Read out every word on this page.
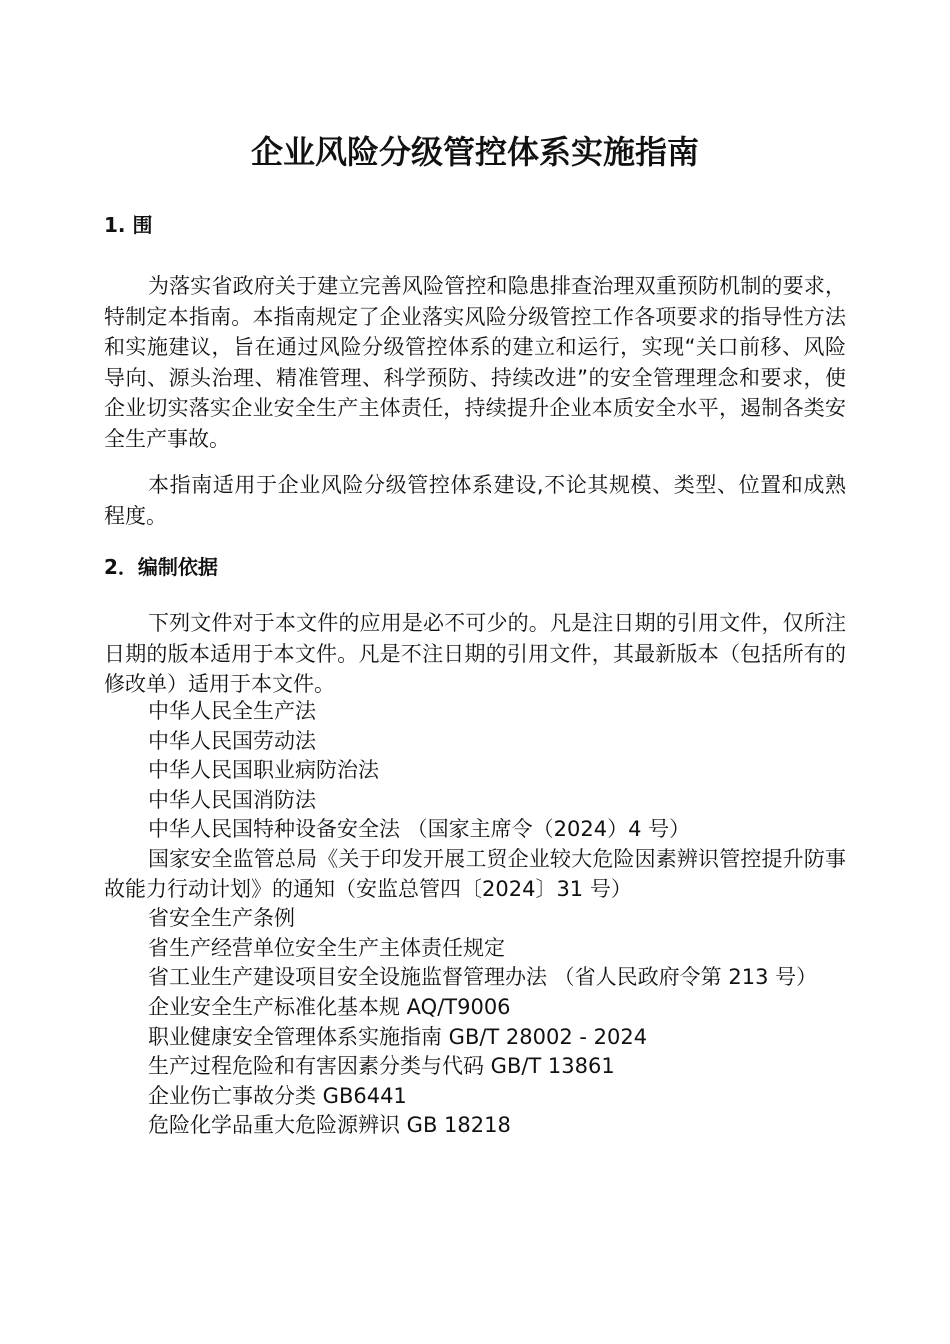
企业风险分级管控体系实施指南
1. 围

为落实省政府关于建立完善风险管控和隐患排查治理双重预防机制的要求，特制定本指南。本指南规定了企业落实风险分级管控工作各项要求的指导性方法和实施建议，旨在通过风险分级管控体系的建立和运行，实现“关口前移、风险导向、源头治理、精准管理、科学预防、持续改进”的安全管理理念和要求，使企业切实落实企业安全生产主体责任，持续提升企业本质安全水平，遏制各类安全生产事故。

本指南适用于企业风险分级管控体系建设,不论其规模、类型、位置和成熟程度。

2．编制依据

下列文件对于本文件的应用是必不可少的。凡是注日期的引用文件，仅所注日期的版本适用于本文件。凡是不注日期的引用文件，其最新版本（包括所有的修改单）适用于本文件。

中华人民全生产法
中华人民国劳动法
中华人民国职业病防治法
中华人民国消防法
中华人民国特种设备安全法 （国家主席令（2024）4 号）
国家安全监管总局《关于印发开展工贸企业较大危险因素辨识管控提升防事故能力行动计划》的通知（安监总管四〔2024〕31 号）
省安全生产条例
省生产经营单位安全生产主体责任规定
省工业生产建设项目安全设施监督管理办法 （省人民政府令第 213 号）
企业安全生产标准化基本规 AQ/T9006
职业健康安全管理体系实施指南 GB/T 28002 - 2024
生产过程危险和有害因素分类与代码 GB/T 13861
企业伤亡事故分类 GB6441
危险化学品重大危险源辨识 GB 18218
